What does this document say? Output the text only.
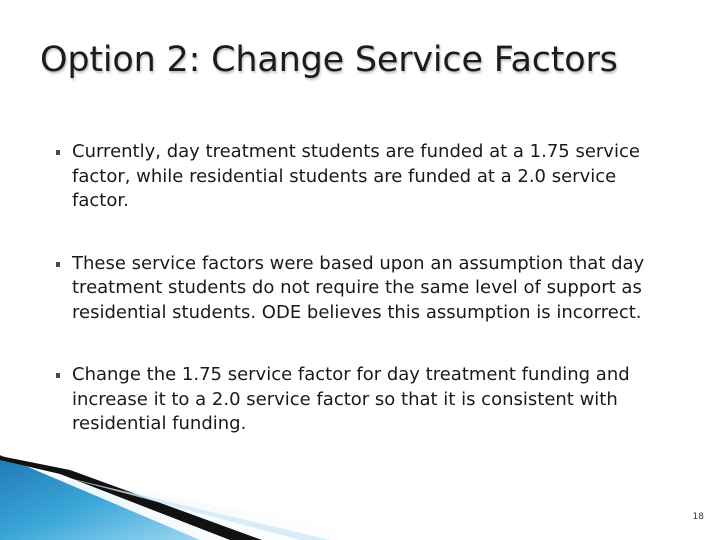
Option 2: Change Service Factors
Currently, day treatment students are funded at a 1.75 service factor, while residential students are funded at a 2.0 service factor.
These service factors were based upon an assumption that day treatment students do not require the same level of support as residential students. ODE believes this assumption is incorrect.
Change the 1.75 service factor for day treatment funding and increase it to a 2.0 service factor so that it is consistent with residential funding.
18
